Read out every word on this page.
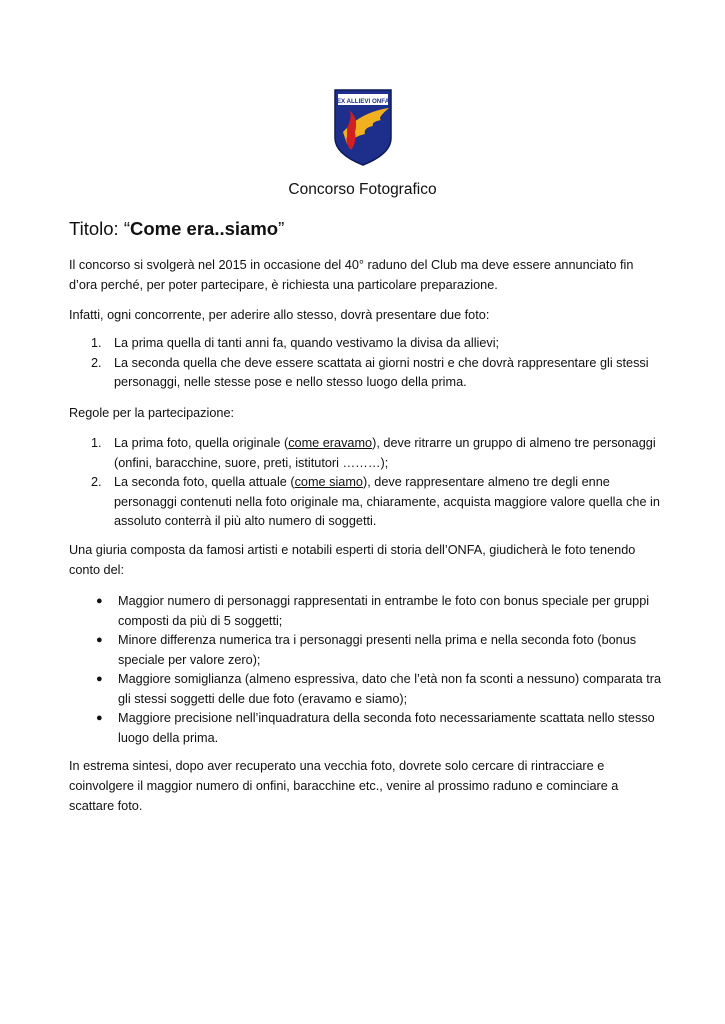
EX ALLIEVI ONFA
Concorso Fotografico
Titolo: “Come era..siamo”

Il concorso si svolgerà nel 2015 in occasione del 40° raduno del Club ma deve essere annunciato fin d’ora perché, per poter partecipare, è richiesta una particolare preparazione.

Infatti, ogni concorrente, per aderire allo stesso, dovrà presentare due foto:

1. La prima quella di tanti anni fa, quando vestivamo la divisa da allievi;
2. La seconda quella che deve essere scattata ai giorni nostri e che dovrà rappresentare gli stessi personaggi, nelle stesse pose e nello stesso luogo della prima.

Regole per la partecipazione:

1. La prima foto, quella originale (come eravamo), deve ritrarre un gruppo di almeno tre personaggi (onfini, baracchine, suore, preti, istitutori ………);
2. La seconda foto, quella attuale (come siamo), deve rappresentare almeno tre degli enne personaggi contenuti nella foto originale ma, chiaramente, acquista maggiore valore quella che in assoluto conterrà il più alto numero di soggetti.

Una giuria composta da famosi artisti e notabili esperti di storia dell’ONFA, giudicherà le foto tenendo conto del:

● Maggior numero di personaggi rappresentati in entrambe le foto con bonus speciale per gruppi composti da più di 5 soggetti;
● Minore differenza numerica tra i personaggi presenti nella prima e nella seconda foto (bonus speciale per valore zero);
● Maggiore somiglianza (almeno espressiva, dato che l’età non fa sconti a nessuno) comparata tra gli stessi soggetti delle due foto (eravamo e siamo);
● Maggiore precisione nell’inquadratura della seconda foto necessariamente scattata nello stesso luogo della prima.

In estrema sintesi, dopo aver recuperato una vecchia foto, dovrete solo cercare di rintracciare e coinvolgere il maggior numero di onfini, baracchine etc., venire al prossimo raduno e cominciare a scattare foto.
